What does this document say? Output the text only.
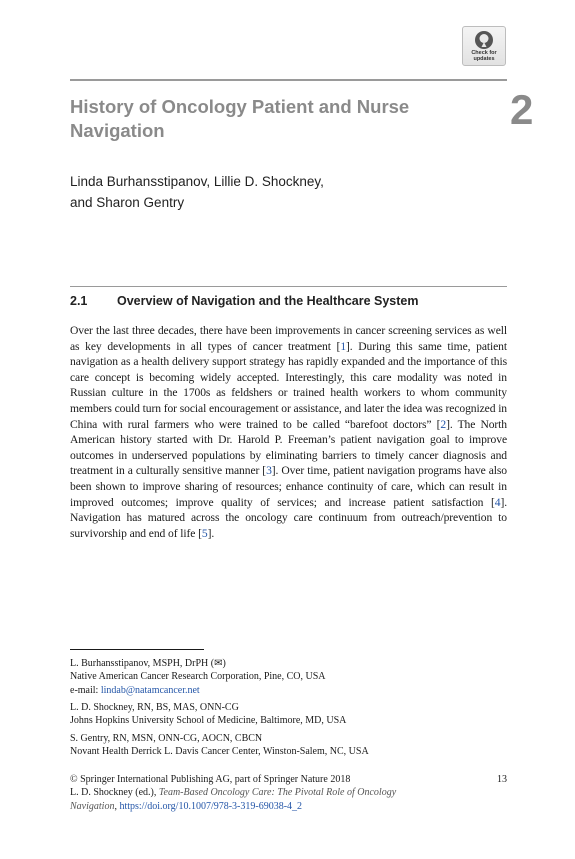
Check for
updates
History of Oncology Patient and Nurse Navigation	2
Linda Burhansstipanov, Lillie D. Shockney,
and Sharon Gentry
2.1 Overview of Navigation and the Healthcare System
Over the last three decades, there have been improvements in cancer screening services as well as key developments in all types of cancer treatment [1]. During this same time, patient navigation as a health delivery support strategy has rapidly expanded and the importance of this care concept is becoming widely accepted. Interestingly, this care modality was noted in Russian culture in the 1700s as feldshers or trained health workers to whom community members could turn for social encouragement or assistance, and later the idea was recognized in China with rural farmers who were trained to be called “barefoot doctors” [2]. The North American history started with Dr. Harold P. Freeman’s patient navigation goal to improve outcomes in underserved populations by eliminating barriers to timely cancer diagnosis and treatment in a culturally sensitive manner [3]. Over time, patient navigation programs have also been shown to improve sharing of resources; enhance continuity of care, which can result in improved outcomes; improve quality of services; and increase patient satisfaction [4]. Navigation has matured across the oncology care continuum from outreach/prevention to survivorship and end of life [5].
L. Burhansstipanov, MSPH, DrPH (✉)
Native American Cancer Research Corporation, Pine, CO, USA
e-mail: lindab@natamcancer.net
L. D. Shockney, RN, BS, MAS, ONN-CG
Johns Hopkins University School of Medicine, Baltimore, MD, USA
S. Gentry, RN, MSN, ONN-CG, AOCN, CBCN
Novant Health Derrick L. Davis Cancer Center, Winston-Salem, NC, USA
© Springer International Publishing AG, part of Springer Nature 2018
L. D. Shockney (ed.), Team-Based Oncology Care: The Pivotal Role of Oncology
Navigation, https://doi.org/10.1007/978-3-319-69038-4_2
13
